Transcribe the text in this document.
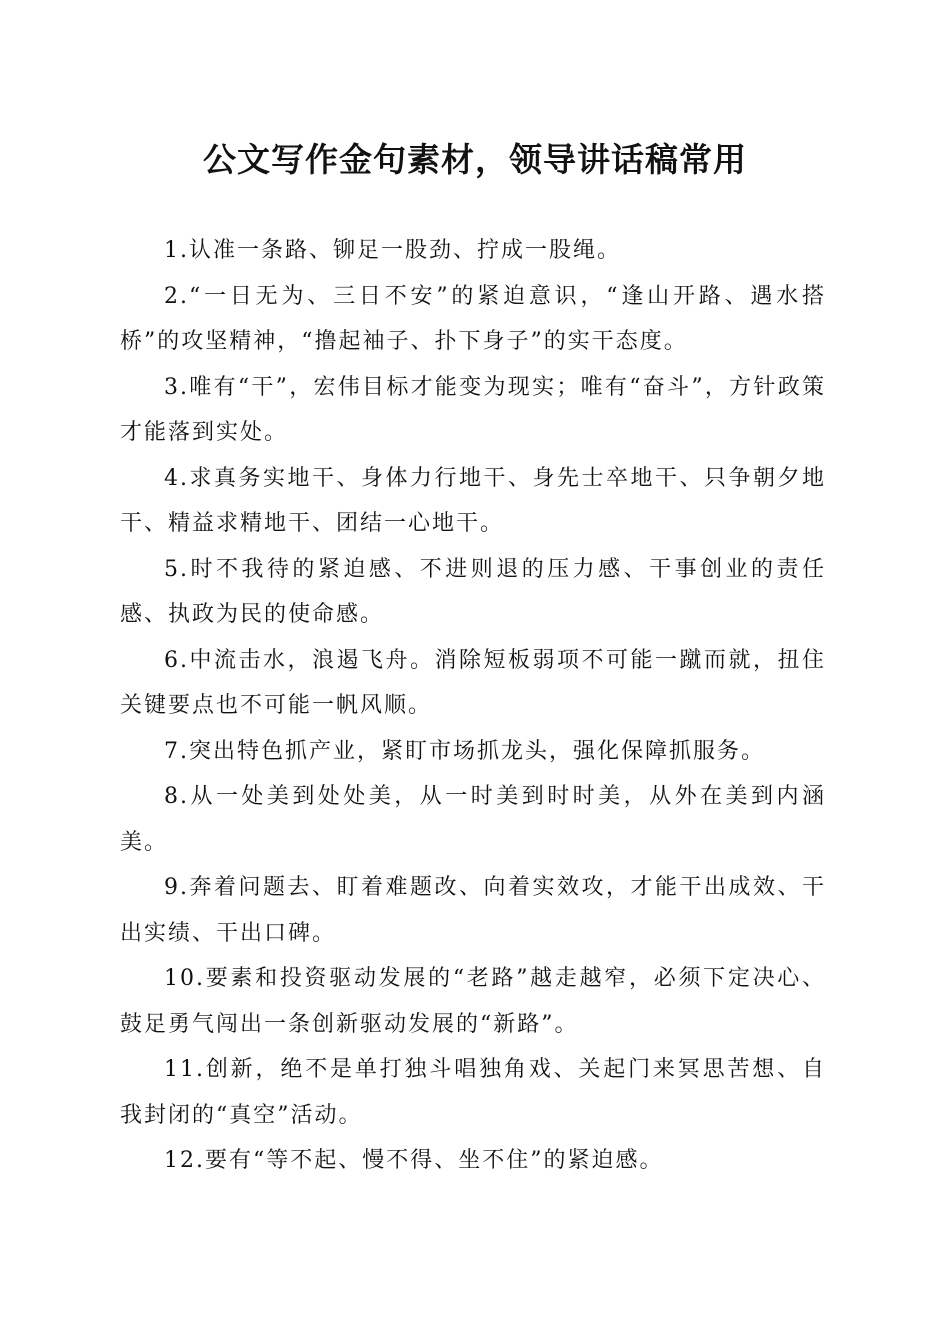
公文写作金句素材，领导讲话稿常用

1.认准一条路、铆足一股劲、拧成一股绳。

2.“一日无为、三日不安”的紧迫意识，“逢山开路、遇水搭桥”的攻坚精神，“撸起袖子、扑下身子”的实干态度。

3.唯有“干”，宏伟目标才能变为现实；唯有“奋斗”，方针政策才能落到实处。

4.求真务实地干、身体力行地干、身先士卒地干、只争朝夕地干、精益求精地干、团结一心地干。

5.时不我待的紧迫感、不进则退的压力感、干事创业的责任感、执政为民的使命感。

6.中流击水，浪遏飞舟。消除短板弱项不可能一蹴而就，扭住关键要点也不可能一帆风顺。

7.突出特色抓产业，紧盯市场抓龙头，强化保障抓服务。

8.从一处美到处处美，从一时美到时时美，从外在美到内涵美。

9.奔着问题去、盯着难题改、向着实效攻，才能干出成效、干出实绩、干出口碑。

10.要素和投资驱动发展的“老路”越走越窄，必须下定决心、鼓足勇气闯出一条创新驱动发展的“新路”。

11.创新，绝不是单打独斗唱独角戏、关起门来冥思苦想、自我封闭的“真空”活动。

12.要有“等不起、慢不得、坐不住”的紧迫感。
